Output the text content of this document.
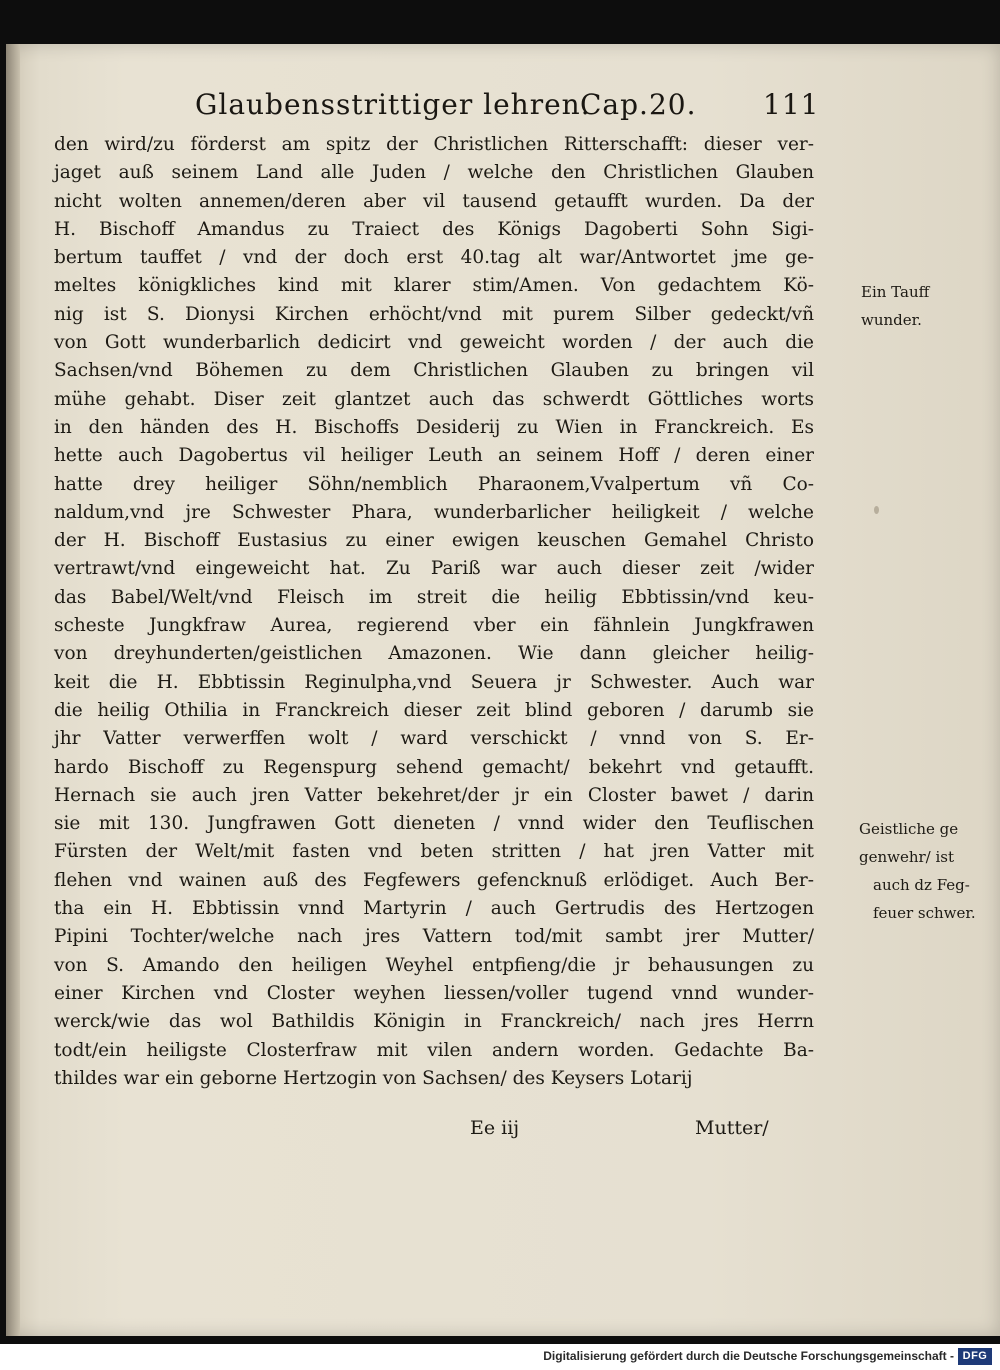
Glaubensstrittiger lehren.
Cap.20. 111
den wird/zu förderst am spitz der Christlichen Ritterschafft: dieser ver-
jaget auß seinem Land alle Juden / welche den Christlichen Glauben
nicht wolten annemen/deren aber vil tausend getaufft wurden. Da der
H. Bischoff Amandus zu Traiect des Königs Dagoberti Sohn Sigi-
bertum tauffet / vnd der doch erst 40.tag alt war/Antwortet jme ge-
meltes königkliches kind mit klarer stim/Amen. Von gedachtem Kö-
nig ist S. Dionysi Kirchen erhöcht/vnd mit purem Silber gedeckt/vñ
von Gott wunderbarlich dedicirt vnd geweicht worden / der auch die
Sachsen/vnd Böhemen zu dem Christlichen Glauben zu bringen vil
mühe gehabt. Diser zeit glantzet auch das schwerdt Göttliches worts
in den händen des H. Bischoffs Desiderij zu Wien in Franckreich. Es
hette auch Dagobertus vil heiliger Leuth an seinem Hoff / deren einer
hatte drey heiliger Söhn/nemblich Pharaonem,Vvalpertum vñ Co-
naldum,vnd jre Schwester Phara, wunderbarlicher heiligkeit / welche
der H. Bischoff Eustasius zu einer ewigen keuschen Gemahel Christo
vertrawt/vnd eingeweicht hat. Zu Pariß war auch dieser zeit /wider
das Babel/Welt/vnd Fleisch im streit die heilig Ebbtissin/vnd keu-
scheste Jungkfraw Aurea, regierend vber ein fähnlein Jungkfrawen
von dreyhunderten/geistlichen Amazonen. Wie dann gleicher heilig-
keit die H. Ebbtissin Reginulpha,vnd Seuera jr Schwester. Auch war
die heilig Othilia in Franckreich dieser zeit blind geboren / darumb sie
jhr Vatter verwerffen wolt / ward verschickt / vnnd von S. Er-
hardo Bischoff zu Regenspurg sehend gemacht/ bekehrt vnd getaufft.
Hernach sie auch jren Vatter bekehret/der jr ein Closter bawet / darin
sie mit 130. Jungfrawen Gott dieneten / vnnd wider den Teuflischen
Fürsten der Welt/mit fasten vnd beten stritten / hat jren Vatter mit
flehen vnd wainen auß des Fegfewers gefencknuß erlödiget. Auch Ber-
tha ein H. Ebbtissin vnnd Martyrin / auch Gertrudis des Hertzogen
Pipini Tochter/welche nach jres Vattern tod/mit sambt jrer Mutter/
von S. Amando den heiligen Weyhel entpfieng/die jr behausungen zu
einer Kirchen vnd Closter weyhen liessen/voller tugend vnnd wunder-
werck/wie das wol Bathildis Königin in Franckreich/ nach jres Herrn
todt/ein heiligste Closterfraw mit vilen andern worden. Gedachte Ba-
thildes war ein geborne Hertzogin von Sachsen/ des Keysers Lotarij
Ein Tauff
wunder.
Geistliche ge
genwehr/ ist
auch dz Feg-
feuer schwer.
Ee iij	Mutter/
Digitalisierung gefördert durch die Deutsche Forschungsgemeinschaft - DFG
